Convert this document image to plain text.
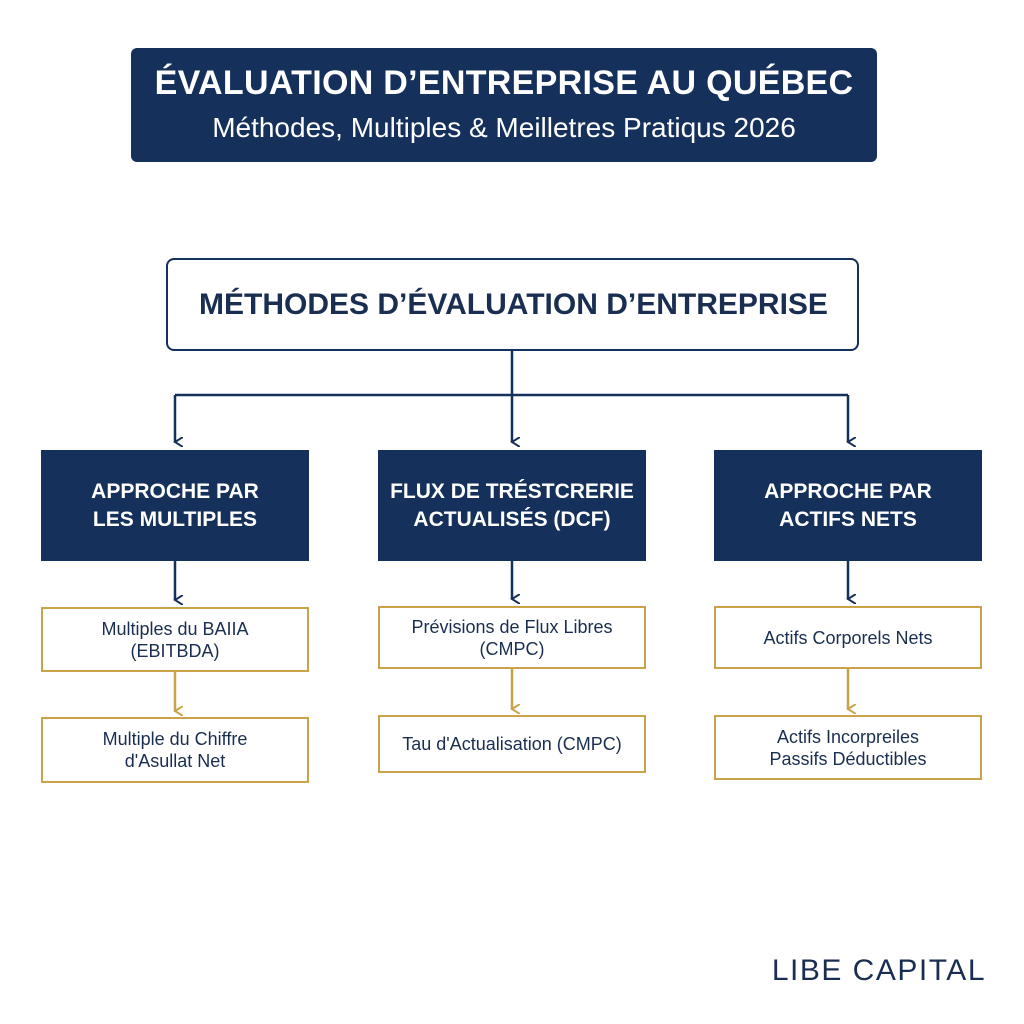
ÉVALUATION D’ENTREPRISE AU QUÉBEC
Méthodes, Multiples & Meilletres Pratiqus 2026
MÉTHODES D’ÉVALUATION D’ENTREPRISE
APPROCHE PAR
LES MULTIPLES
Multiples du BAIIA
(EBITBDA)
Multiple du Chiffre
d'Asullat Net
FLUX DE TRÉSTCRERIE
ACTUALISÉS (DCF)
Prévisions de Flux Libres
(CMPC)
Tau d'Actualisation (CMPC)
APPROCHE PAR
ACTIFS NETS
Actifs Corporels Nets
Actifs Incorpreiles
Passifs Déductibles
LIBE CAPITAL
